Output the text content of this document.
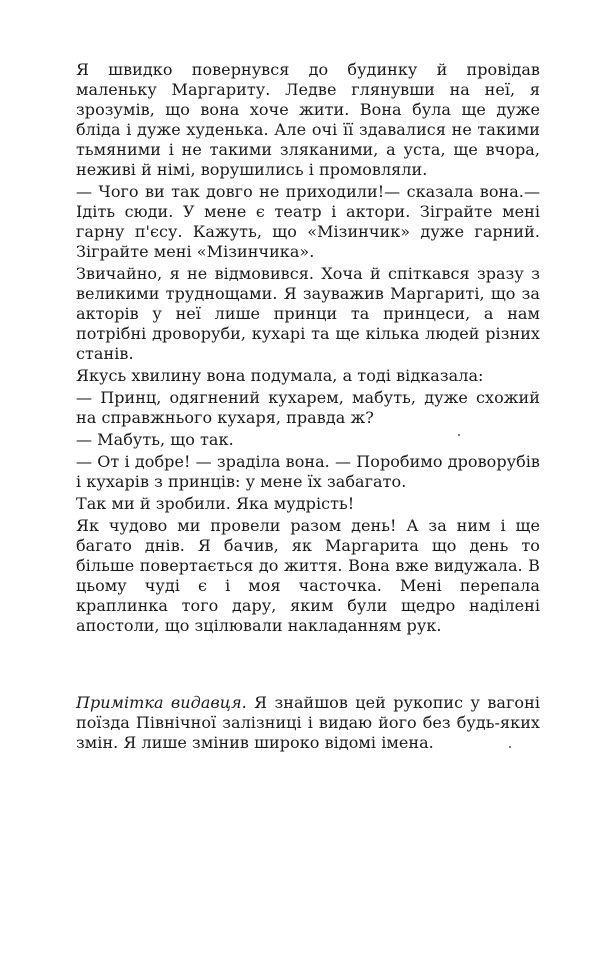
Я швидко повернувся до будинку й провідав маленьку Маргариту. Ледве глянувши на неї, я зрозумів, що вона хоче жити. Вона була ще дуже бліда і дуже худенька. Але очі її здавалися не такими тьмяними і не такими зляканими, а уста, ще вчора, неживі й німі, ворушились і промовляли.

— Чого ви так довго не приходили!— сказала вона.— Ідіть сюди. У мене є театр і актори. Зіграйте мені гарну п'єсу. Кажуть, що «Мізинчик» дуже гарний. Зіграйте мені «Мізинчика».

Звичайно, я не відмовився. Хоча й спіткався зразу з великими труднощами. Я зауважив Маргариті, що за акторів у неї лише принци та принцеси, а нам потрібні дроворуби, кухарі та ще кілька людей різних станів.

Якусь хвилину вона подумала, а тоді відказала:

— Принц, одягнений кухарем, мабуть, дуже схожий на справжнього кухаря, правда ж?

— Мабуть, що так.

— От і добре! — зраділа вона. — Поробимо дроворубів і кухарів з принців: у мене їх забагато.

Так ми й зробили. Яка мудрість!

Як чудово ми провели разом день! А за ним і ще багато днів. Я бачив, як Маргарита що день то більше повертається до життя. Вона вже видужала. В цьому чуді є і моя часточка. Мені перепала краплинка того дару, яким були щедро наділені апостоли, що зцілювали накладанням рук.

Примітка видавця. Я знайшов цей рукопис у вагоні поїзда Північної залізниці і видаю його без будь-яких змін. Я лише змінив широко відомі імена.
